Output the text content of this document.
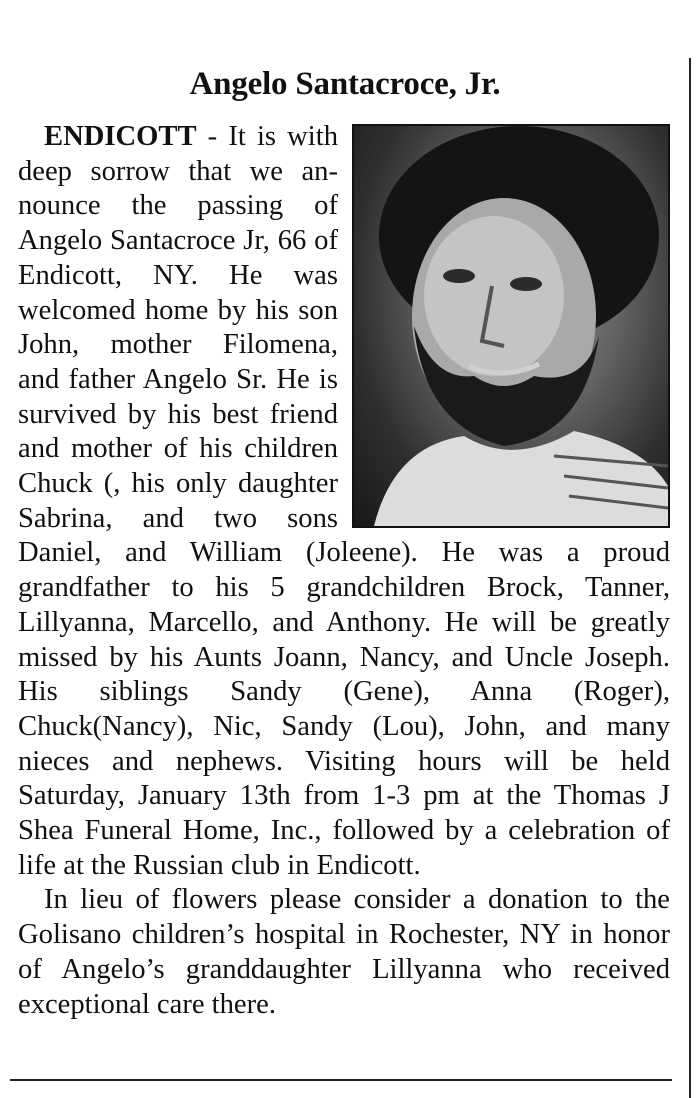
Angelo Santacroce, Jr.

ENDICOTT - It is with deep sorrow that we announce the passing of Angelo Santacroce Jr, 66 of Endicott, NY. He was welcomed home by his son John, mother Filomena, and father Angelo Sr. He is survived by his best friend and mother of his children Chuck (, his only daughter Sabrina, and two sons Daniel, and William (Joleene). He was a proud grandfather to his 5 grandchildren Brock, Tanner, Lillyanna, Marcello, and Anthony. He will be greatly missed by his Aunts Joann, Nancy, and Uncle Joseph. His siblings Sandy (Gene), Anna (Roger), Chuck(Nancy), Nic, Sandy (Lou), John, and many nieces and nephews. Visiting hours will be held Saturday, January 13th from 1-3 pm at the Thomas J Shea Funeral Home, Inc., followed by a celebration of life at the Russian club in Endicott.

In lieu of flowers please consider a donation to the Golisano children’s hospital in Rochester, NY in honor of Angelo’s granddaughter Lillyanna who received exceptional care there.
